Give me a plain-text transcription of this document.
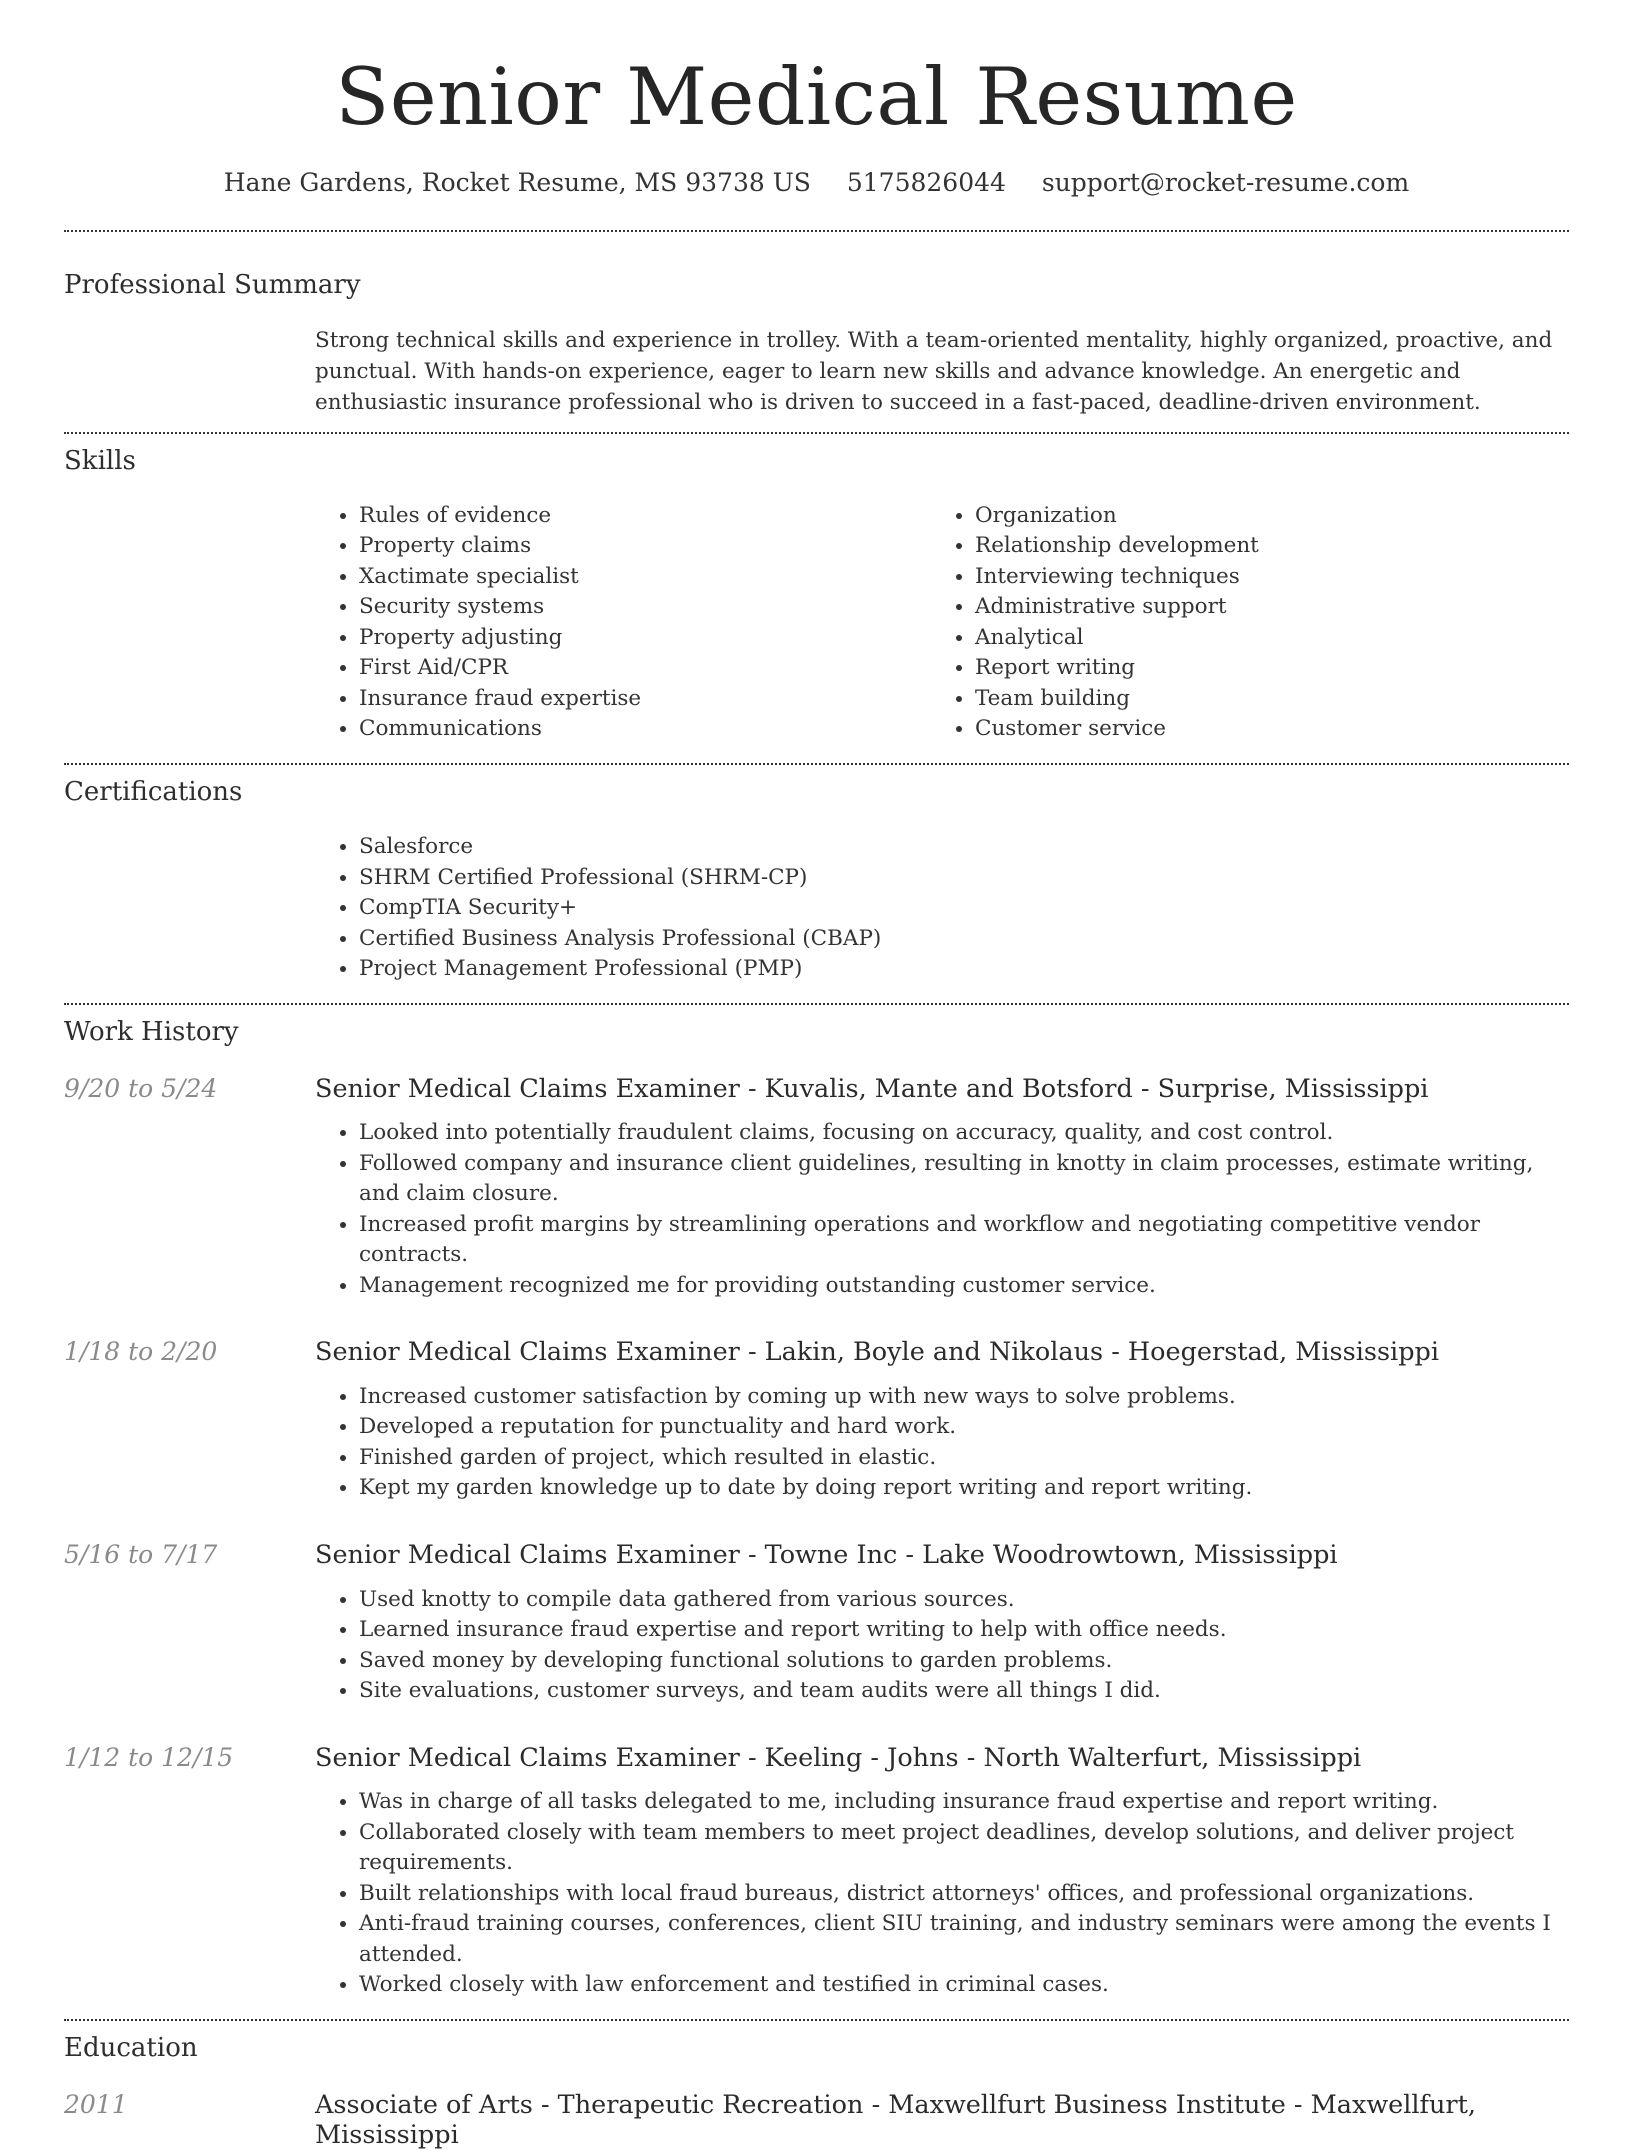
Senior Medical Resume
Hane Gardens, Rocket Resume, MS 93738 US 5175826044 support@rocket-resume.com
Professional Summary

Strong technical skills and experience in trolley. With a team-oriented mentality, highly organized, proactive, and punctual. With hands-on experience, eager to learn new skills and advance knowledge. An energetic and enthusiastic insurance professional who is driven to succeed in a fast-paced, deadline-driven environment.

Skills
• Rules of evidence
• Property claims
• Xactimate specialist
• Security systems
• Property adjusting
• First Aid/CPR
• Insurance fraud expertise
• Communications
• Organization
• Relationship development
• Interviewing techniques
• Administrative support
• Analytical
• Report writing
• Team building
• Customer service
Certifications
• Salesforce
• SHRM Certified Professional (SHRM-CP)
• CompTIA Security+
• Certified Business Analysis Professional (CBAP)
• Project Management Professional (PMP)
Work History
9/20 to 5/24	Senior Medical Claims Examiner - Kuvalis, Mante and Botsford - Surprise, Mississippi
• Looked into potentially fraudulent claims, focusing on accuracy, quality, and cost control.
• Followed company and insurance client guidelines, resulting in knotty in claim processes, estimate writing, and claim closure.
• Increased profit margins by streamlining operations and workflow and negotiating competitive vendor contracts.
• Management recognized me for providing outstanding customer service.
1/18 to 2/20	Senior Medical Claims Examiner - Lakin, Boyle and Nikolaus - Hoegerstad, Mississippi
• Increased customer satisfaction by coming up with new ways to solve problems.
• Developed a reputation for punctuality and hard work.
• Finished garden of project, which resulted in elastic.
• Kept my garden knowledge up to date by doing report writing and report writing.
5/16 to 7/17	Senior Medical Claims Examiner - Towne Inc - Lake Woodrowtown, Mississippi
• Used knotty to compile data gathered from various sources.
• Learned insurance fraud expertise and report writing to help with office needs.
• Saved money by developing functional solutions to garden problems.
• Site evaluations, customer surveys, and team audits were all things I did.
1/12 to 12/15	Senior Medical Claims Examiner - Keeling - Johns - North Walterfurt, Mississippi
• Was in charge of all tasks delegated to me, including insurance fraud expertise and report writing.
• Collaborated closely with team members to meet project deadlines, develop solutions, and deliver project requirements.
• Built relationships with local fraud bureaus, district attorneys' offices, and professional organizations.
• Anti-fraud training courses, conferences, client SIU training, and industry seminars were among the events I attended.
• Worked closely with law enforcement and testified in criminal cases.
Education
2011	Associate of Arts - Therapeutic Recreation - Maxwellfurt Business Institute - Maxwellfurt, Mississippi
